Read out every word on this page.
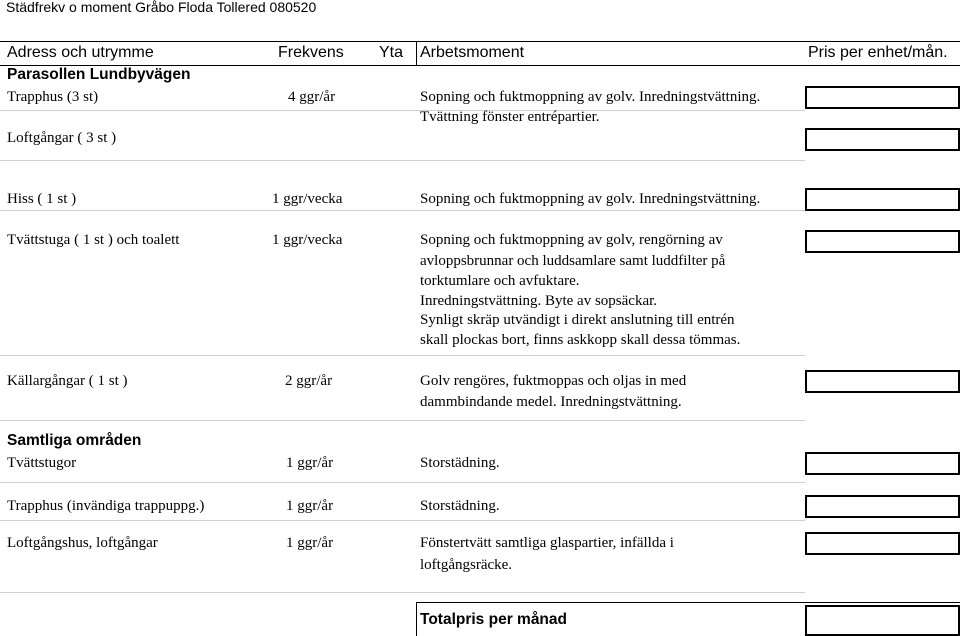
Städfrekv o moment Gråbo Floda Tollered 080520
Adress och utrymme	Frekvens Yta Arbetsmoment	Pris per enhet/mån.
Parasollen Lundbyvägen
Trapphus (3 st)	4 ggr/år	Sopning och fuktmoppning av golv. Inredningstvättning.
Tvättning fönster entrépartier.
Loftgångar ( 3 st )
Hiss ( 1 st )	1 ggr/vecka	Sopning och fuktmoppning av golv. Inredningstvättning.
Tvättstuga ( 1 st ) och toalett	1 ggr/vecka	Sopning och fuktmoppning av golv, rengörning av
avloppsbrunnar och luddsamlare samt luddfilter på
torktumlare och avfuktare.
Inredningstvättning. Byte av sopsäckar.
Synligt skräp utvändigt i direkt anslutning till entrén
skall plockas bort, finns askkopp skall dessa tömmas.
Källargångar ( 1 st )	2 ggr/år	Golv rengöres, fuktmoppas och oljas in med
dammbindande medel. Inredningstvättning.
Samtliga områden
Tvättstugor	1 ggr/år	Storstädning.
Trapphus (invändiga trappuppg.)	1 ggr/år	Storstädning.
Loftgångshus, loftgångar	1 ggr/år	Fönstertvätt samtliga glaspartier, infällda i
loftgångsräcke.
Totalpris per månad
